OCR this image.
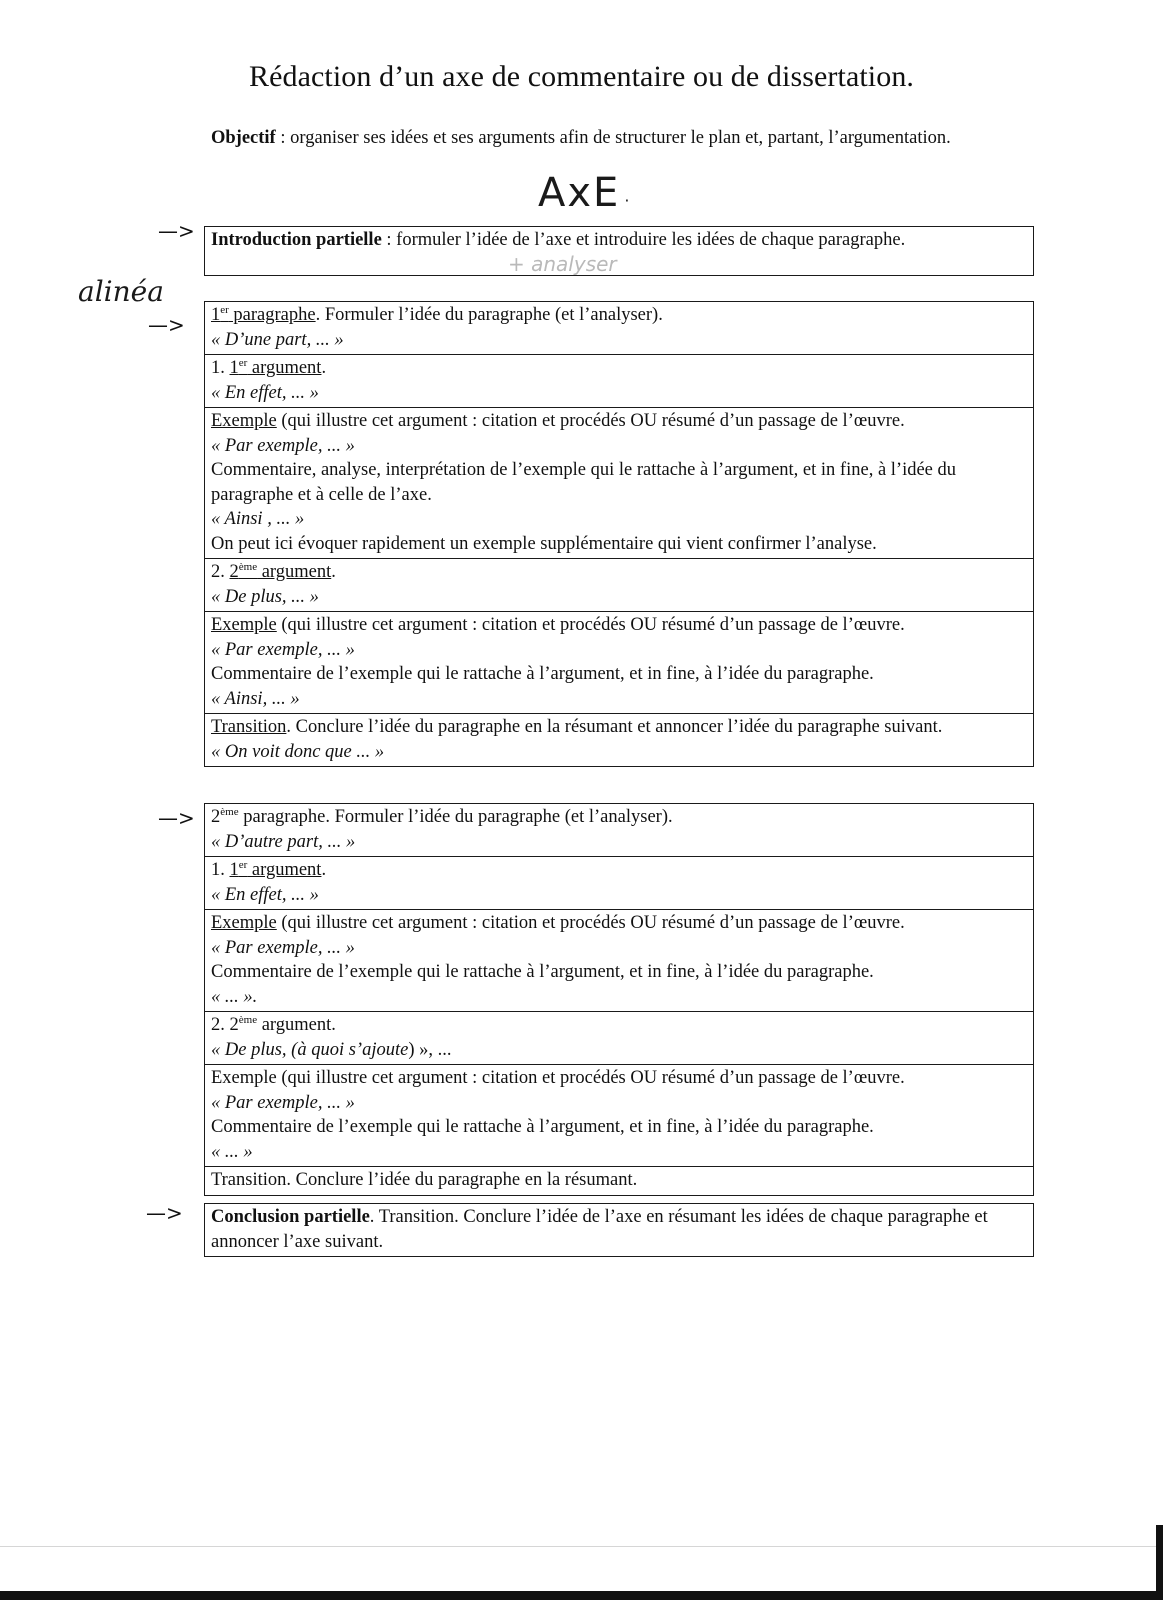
Rédaction d’un axe de commentaire ou de dissertation.
Objectif : organiser ses idées et ses arguments afin de structurer le plan et, partant, l’argumentation.
AxE ·
alinéa
+ analyser
—>
—>
—>
—>
Introduction partielle : formuler l’idée de l’axe et introduire les idées de chaque paragraphe.
1er paragraphe. Formuler l’idée du paragraphe (et l’analyser).
« D’une part, ... »
1. 1er argument.
« En effet, ... »
Exemple (qui illustre cet argument : citation et procédés OU résumé d’un passage de l’œuvre.
« Par exemple, ... »
Commentaire, analyse, interprétation de l’exemple qui le rattache à l’argument, et in fine, à l’idée du paragraphe et à celle de l’axe.
« Ainsi , ... »
On peut ici évoquer rapidement un exemple supplémentaire qui vient confirmer l’analyse.
2. 2ème argument.
« De plus, ... »
Exemple (qui illustre cet argument : citation et procédés OU résumé d’un passage de l’œuvre.
« Par exemple, ... »
Commentaire de l’exemple qui le rattache à l’argument, et in fine, à l’idée du paragraphe.
« Ainsi, ... »
Transition. Conclure l’idée du paragraphe en la résumant et annoncer l’idée du paragraphe suivant.
« On voit donc que ... »
2ème paragraphe. Formuler l’idée du paragraphe (et l’analyser).
« D’autre part, ... »
1. 1er argument.
« En effet, ... »
Exemple (qui illustre cet argument : citation et procédés OU résumé d’un passage de l’œuvre.
« Par exemple, ... »
Commentaire de l’exemple qui le rattache à l’argument, et in fine, à l’idée du paragraphe.
« ... ».
2. 2ème argument.
« De plus, (à quoi s’ajoute) », ...
Exemple (qui illustre cet argument : citation et procédés OU résumé d’un passage de l’œuvre.
« Par exemple, ... »
Commentaire de l’exemple qui le rattache à l’argument, et in fine, à l’idée du paragraphe.
« ... »
Transition. Conclure l’idée du paragraphe en la résumant.
Conclusion partielle. Transition. Conclure l’idée de l’axe en résumant les idées de chaque paragraphe et annoncer l’axe suivant.
